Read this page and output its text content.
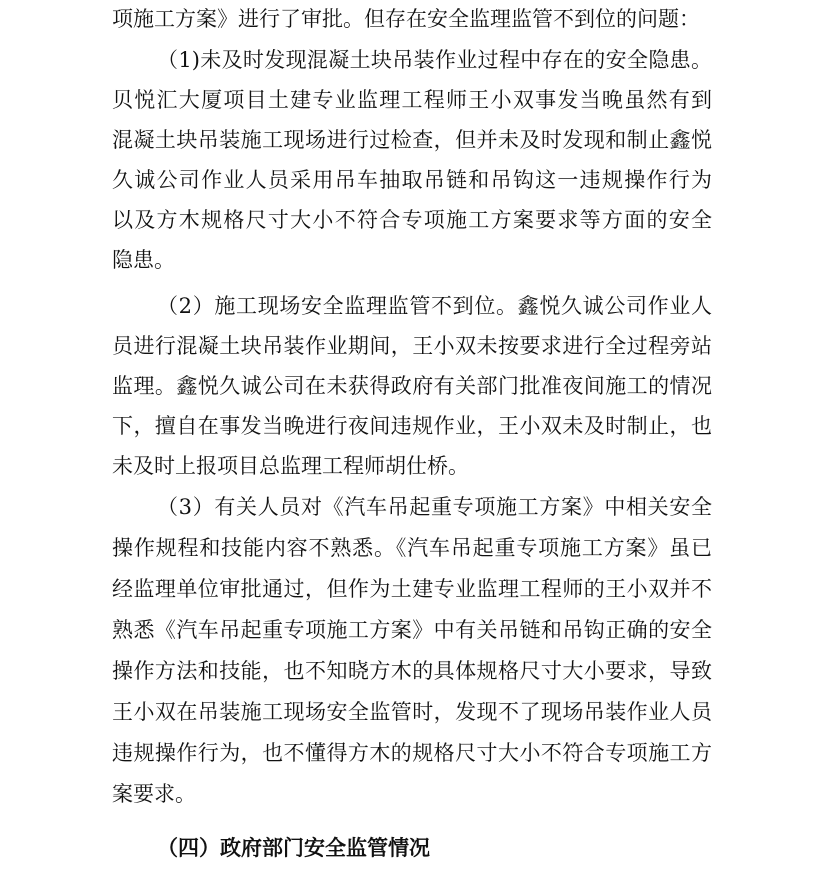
项施工方案》进行了审批。但存在安全监理监管不到位的问题：
（1)未及时发现混凝土块吊装作业过程中存在的安全隐患。
贝悦汇大厦项目土建专业监理工程师王小双事发当晚虽然有到
混凝土块吊装施工现场进行过检查，但并未及时发现和制止鑫悦
久诚公司作业人员采用吊车抽取吊链和吊钩这一违规操作行为
以及方木规格尺寸大小不符合专项施工方案要求等方面的安全
隐患。
（2）施工现场安全监理监管不到位。鑫悦久诚公司作业人
员进行混凝土块吊装作业期间，王小双未按要求进行全过程旁站
监理。鑫悦久诚公司在未获得政府有关部门批准夜间施工的情况
下，擅自在事发当晚进行夜间违规作业，王小双未及时制止，也
未及时上报项目总监理工程师胡仕桥。
（3）有关人员对《汽车吊起重专项施工方案》中相关安全
操作规程和技能内容不熟悉。《汽车吊起重专项施工方案》虽已
经监理单位审批通过，但作为土建专业监理工程师的王小双并不
熟悉《汽车吊起重专项施工方案》中有关吊链和吊钩正确的安全
操作方法和技能，也不知晓方木的具体规格尺寸大小要求，导致
王小双在吊装施工现场安全监管时，发现不了现场吊装作业人员
违规操作行为，也不懂得方木的规格尺寸大小不符合专项施工方
案要求。
（四）政府部门安全监管情况
